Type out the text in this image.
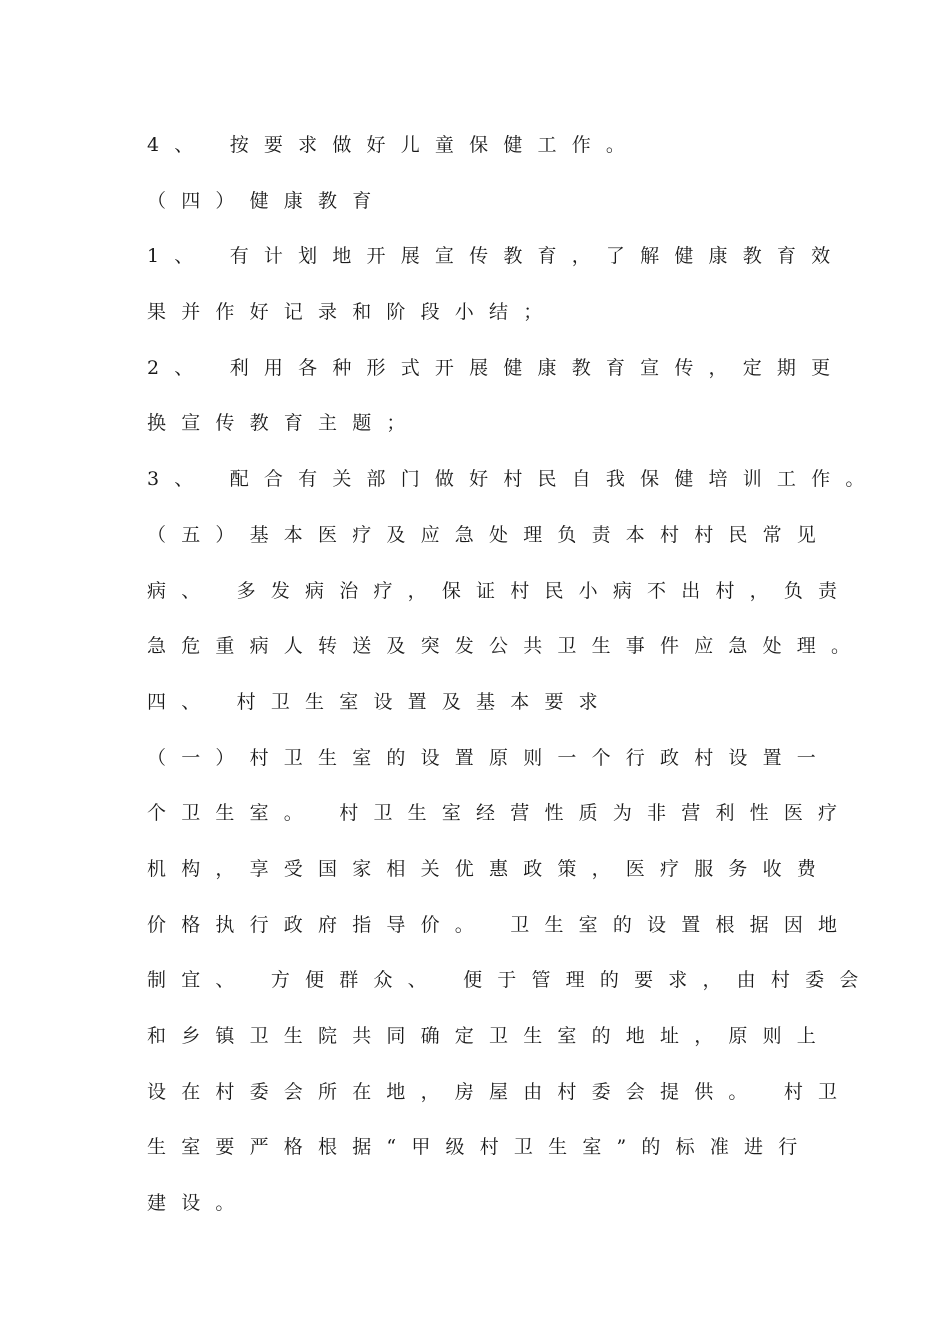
4、 按要求做好儿童保健工作。
（四）健康教育
1、 有计划地开展宣传教育，了解健康教育效
果并作好记录和阶段小结；
2、 利用各种形式开展健康教育宣传，定期更
换宣传教育主题；
3、 配合有关部门做好村民自我保健培训工作。
（五）基本医疗及应急处理负责本村村民常见
病、 多发病治疗，保证村民小病不出村，负责
急危重病人转送及突发公共卫生事件应急处理。
四、 村卫生室设置及基本要求
（一）村卫生室的设置原则一个行政村设置一
个卫生室。 村卫生室经营性质为非营利性医疗
机构，享受国家相关优惠政策，医疗服务收费
价格执行政府指导价。 卫生室的设置根据因地
制宜、 方便群众、 便于管理的要求，由村委会
和乡镇卫生院共同确定卫生室的地址，原则上
设在村委会所在地，房屋由村委会提供。 村卫
生室要严格根据“甲级村卫生室”的标准进行
建设。
